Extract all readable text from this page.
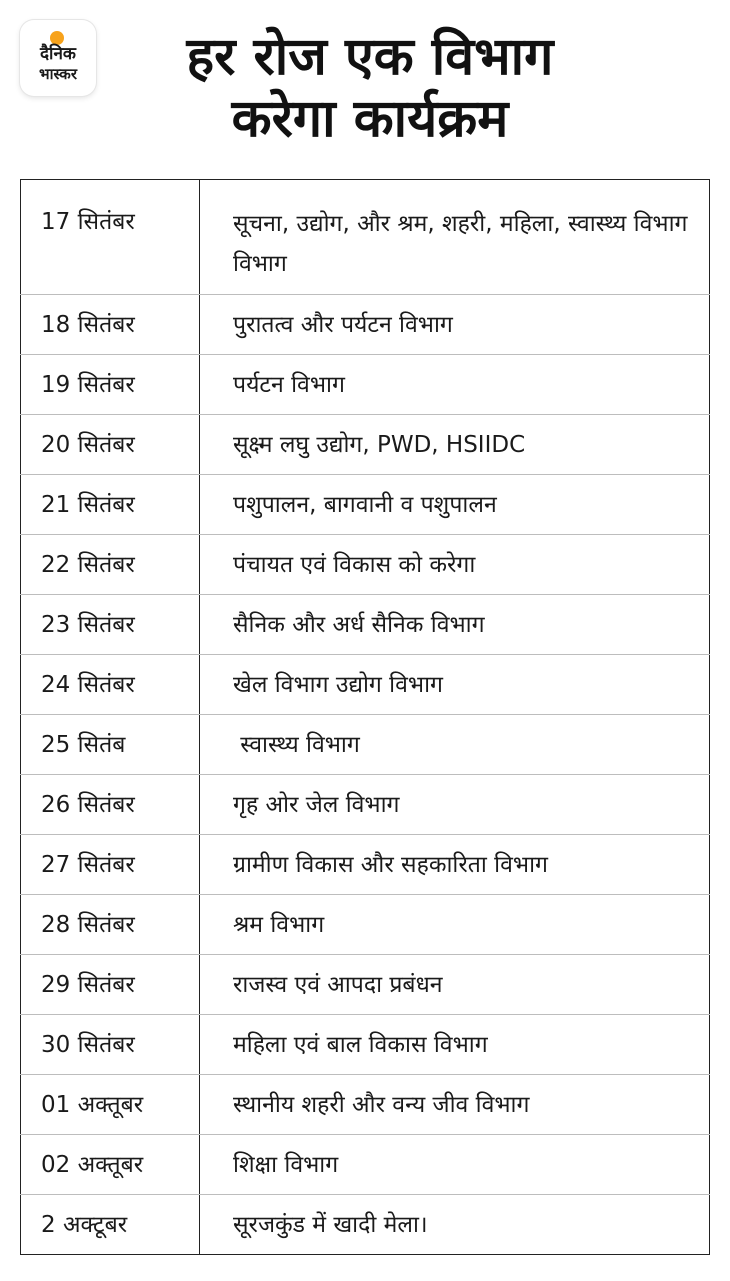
दैनिक
भास्कर	हर रोज एक विभाग
करेगा कार्यक्रम
17 सितंबर	सूचना, उद्योग, और श्रम, शहरी, महिला, स्वास्थ्य विभाग विभाग
18 सितंबर	पुरातत्व और पर्यटन विभाग
19 सितंबर	पर्यटन विभाग
20 सितंबर	सूक्ष्म लघु उद्योग, PWD, HSIIDC
21 सितंबर	पशुपालन, बागवानी व पशुपालन
22 सितंबर	पंचायत एवं विकास को करेगा
23 सितंबर	सैनिक और अर्ध सैनिक विभाग
24 सितंबर	खेल विभाग उद्योग विभाग
25 सितंब	स्वास्थ्य विभाग
26 सितंबर	गृह ओर जेल विभाग
27 सितंबर	ग्रामीण विकास और सहकारिता विभाग
28 सितंबर	श्रम विभाग
29 सितंबर	राजस्व एवं आपदा प्रबंधन
30 सितंबर	महिला एवं बाल विकास विभाग
01 अक्तूबर	स्थानीय शहरी और वन्य जीव विभाग
02 अक्तूबर	शिक्षा विभाग
2 अक्टूबर	सूरजकुंड में खादी मेला।
